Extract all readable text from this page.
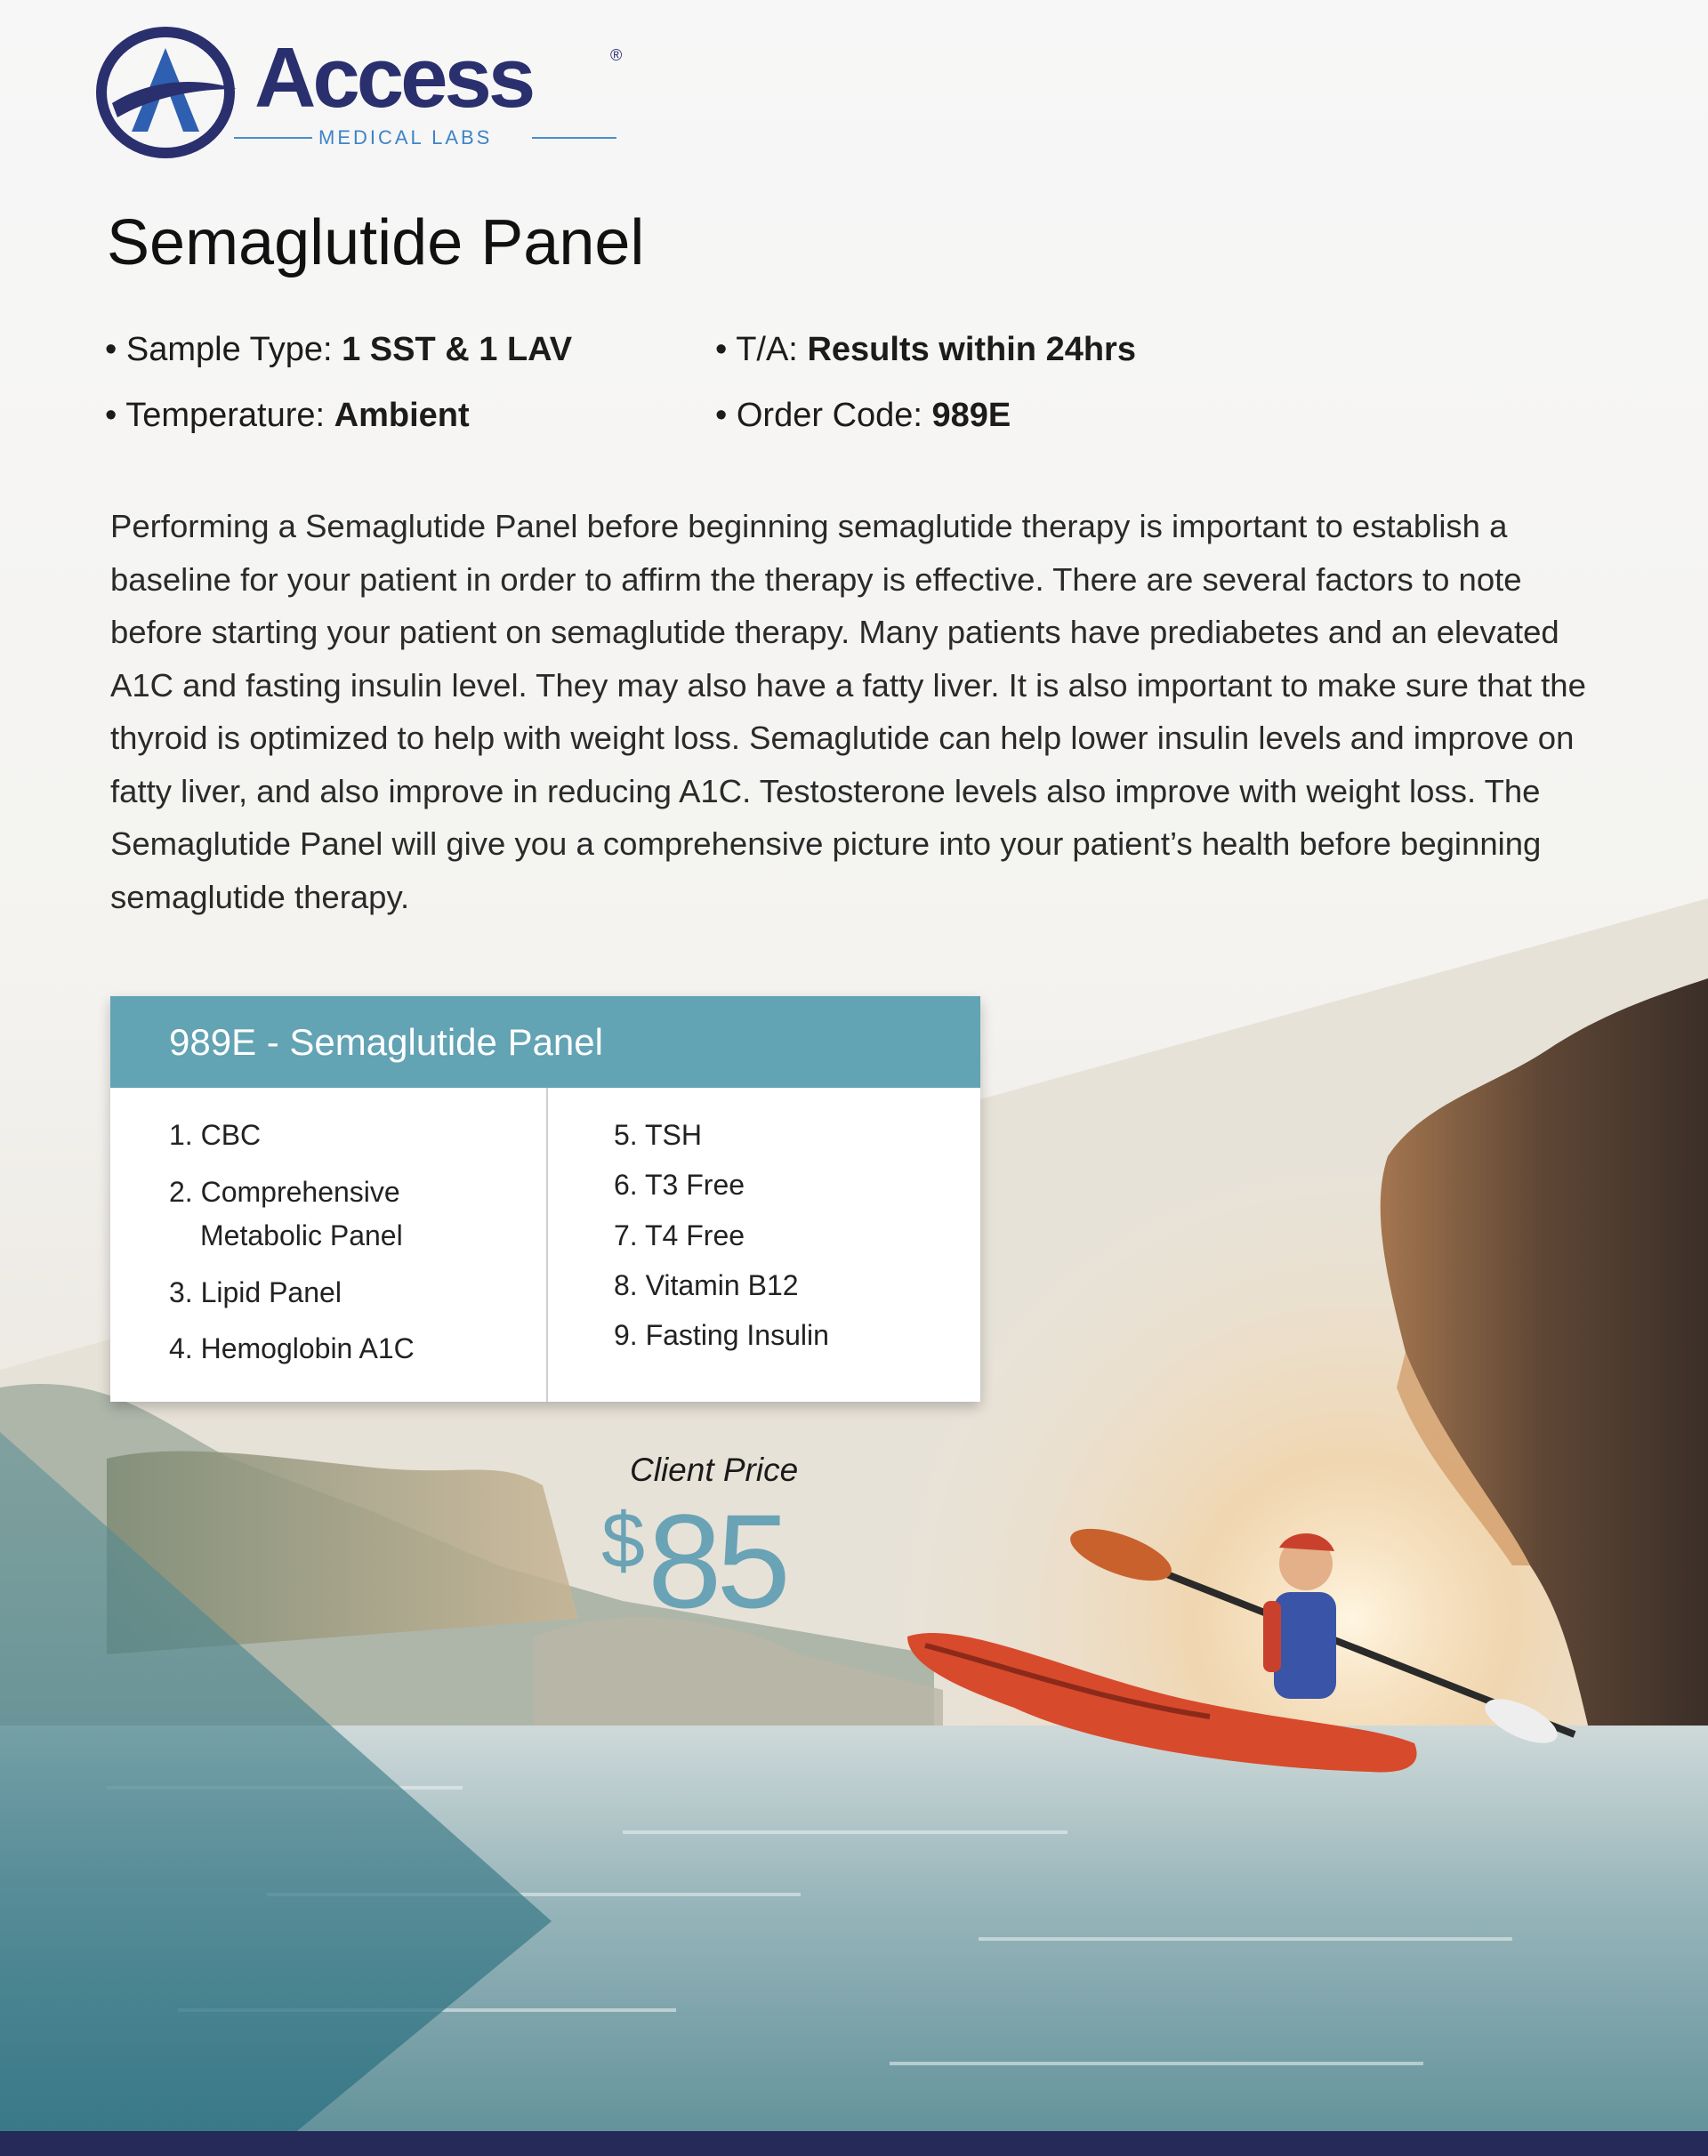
Access	®
MEDICAL LABS
Semaglutide Panel
• Sample Type: 1 SST & 1 LAV
• Temperature: Ambient
• T/A: Results within 24hrs
• Order Code: 989E

Performing a Semaglutide Panel before beginning semaglutide therapy is important to establish a baseline for your patient in order to affirm the therapy is effective. There are several factors to note before starting your patient on semaglutide therapy. Many patients have prediabetes and an elevated A1C and fasting insulin level. They may also have a fatty liver. It is also important to make sure that the thyroid is optimized to help with weight loss. Semaglutide can help lower insulin levels and improve on fatty liver, and also improve in reducing A1C. Testosterone levels also improve with weight loss. The Semaglutide Panel will give you a comprehensive picture into your patient’s health before beginning semaglutide therapy.

989E - Semaglutide Panel
1. CBC
2. Comprehensive
Metabolic Panel
3. Lipid Panel
4. Hemoglobin A1C
5. TSH
6. T3 Free
7. T4 Free
8. Vitamin B12
9. Fasting Insulin

Client Price

$ 85
